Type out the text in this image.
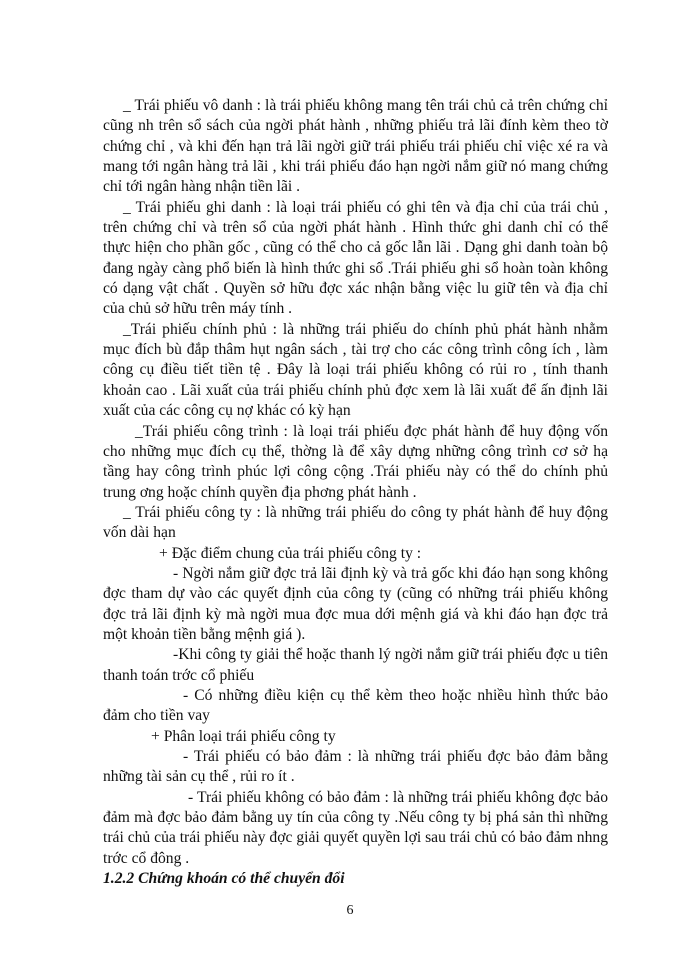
_ Trái phiếu vô danh : là trái phiếu không mang tên trái chủ cả trên chứng chỉ cũng nh trên sổ sách của ngời phát hành , những phiếu trả lãi đính kèm theo tờ chứng chỉ , và khi đến hạn trả lãi ngời giữ trái phiếu trái phiếu chỉ việc xé ra và mang tới ngân hàng trả lãi , khi trái phiếu đáo hạn ngời nắm giữ nó mang chứng chỉ tới ngân hàng nhận tiền lãi .

_ Trái phiếu ghi danh : là loại trái phiếu có ghi tên và địa chỉ của trái chủ , trên chứng chỉ và trên sổ của ngời phát hành . Hình thức ghi danh chỉ có thể thực hiện cho phần gốc , cũng có thể cho cả gốc lẫn lãi . Dạng ghi danh toàn bộ đang ngày càng phổ biến là hình thức ghi sổ .Trái phiếu ghi sổ hoàn toàn không có dạng vật chất . Quyền sở hữu đợc xác nhận bằng việc lu giữ tên và địa chỉ của chủ sở hữu trên máy tính .

_Trái phiếu chính phủ : là những trái phiếu do chính phủ phát hành nhằm mục đích bù đắp thâm hụt ngân sách , tài trợ cho các công trình công ích , làm công cụ điều tiết tiền tệ . Đây là loại trái phiếu không có rủi ro , tính thanh khoản cao . Lãi xuất của trái phiếu chính phủ đợc xem là lãi xuất để ấn định lãi xuất của các công cụ nợ khác có kỳ hạn

_Trái phiếu công trình : là loại trái phiếu đợc phát hành để huy động vốn cho những mục đích cụ thể, thờng là để xây dựng những công trình cơ sở hạ tầng hay công trình phúc lợi công cộng .Trái phiếu này có thể do chính phủ trung ơng hoặc chính quyền địa phơng phát hành .

_ Trái phiếu công ty : là những trái phiếu do công ty phát hành để huy động vốn dài hạn

+ Đặc điểm chung của trái phiếu công ty :

- Ngời nắm giữ đợc trả lãi định kỳ và trả gốc khi đáo hạn song không đợc tham dự vào các quyết định của công ty (cũng có những trái phiếu không đợc trả lãi định kỳ mà ngời mua đợc mua dới mệnh giá và khi đáo hạn đợc trả một khoản tiền bằng mệnh giá ).

-Khi công ty giải thể hoặc thanh lý ngời nắm giữ trái phiếu đợc u tiên thanh toán trớc cổ phiếu

- Có những điều kiện cụ thể kèm theo hoặc nhiều hình thức bảo đảm cho tiền vay

+ Phân loại trái phiếu công ty

- Trái phiếu có bảo đảm : là những trái phiếu đợc bảo đảm bằng những tài sản cụ thể , rủi ro ít .

- Trái phiếu không có bảo đảm : là những trái phiếu không đợc bảo đảm mà đợc bảo đảm bằng uy tín của công ty .Nếu công ty bị phá sản thì những trái chủ của trái phiếu này đợc giải quyết quyền lợi sau trái chủ có bảo đảm nhng trớc cổ đông .

1.2.2 Chứng khoán có thể chuyển đổi

6
